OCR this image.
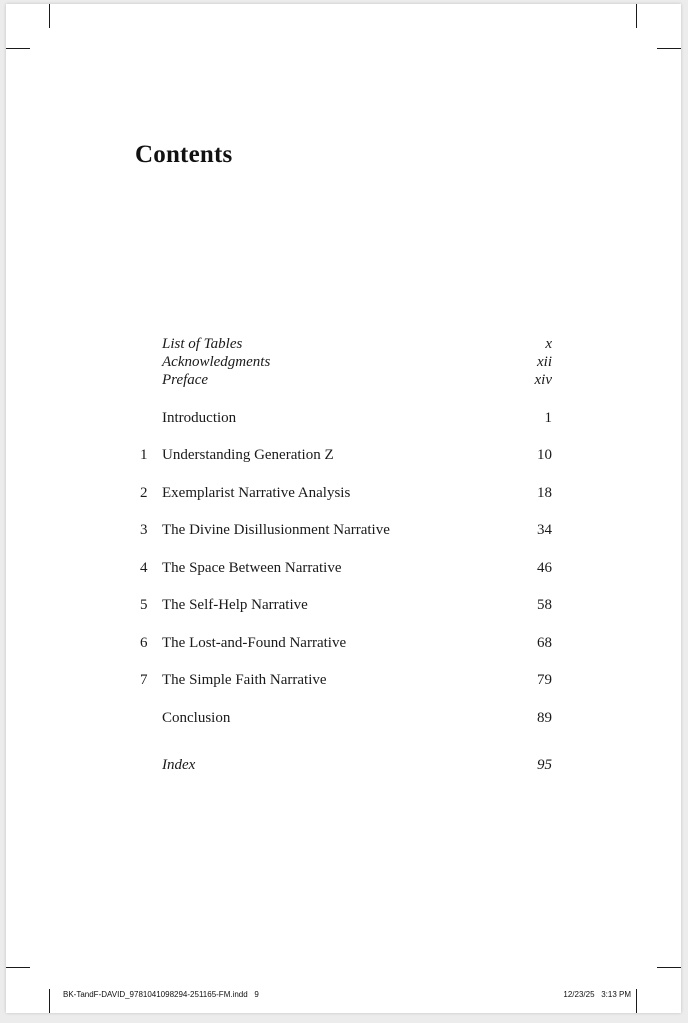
Contents
List of Tables	x
Acknowledgments	xii
Preface	xiv
Introduction	1
1 Understanding Generation Z	10
2 Exemplarist Narrative Analysis	18
3 The Divine Disillusionment Narrative	34
4 The Space Between Narrative	46
5 The Self-Help Narrative	58
6 The Lost-and-Found Narrative	68
7 The Simple Faith Narrative	79
Conclusion	89
Index	95
BK-TandF-DAVID_9781041098294-251165-FM.indd   9	12/23/25   3:13 PM
